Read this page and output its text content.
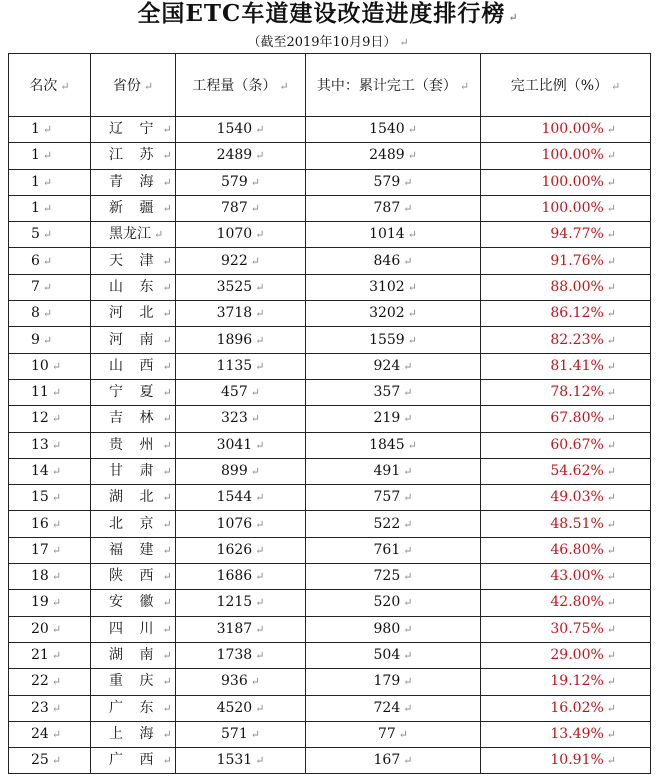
全国ETC车道建设改造进度排行榜 ↵
（截至2019年10月9日） ↵
名次 ↵	省份 ↵	工程量（条） ↵	其中：累计完工（套） ↵	完工比例（%） ↵
1 ↵	辽 宁 ↵	1540 ↵	1540 ↵	100.00% ↵
1 ↵	江 苏 ↵	2489 ↵	2489 ↵	100.00% ↵
1 ↵	青 海 ↵	579 ↵	579 ↵	100.00% ↵
1 ↵	新 疆 ↵	787 ↵	787 ↵	100.00% ↵
5 ↵	黑龙江 ↵	1070 ↵	1014 ↵	94.77% ↵
6 ↵	天 津 ↵	922 ↵	846 ↵	91.76% ↵
7 ↵	山 东 ↵	3525 ↵	3102 ↵	88.00% ↵
8 ↵	河 北 ↵	3718 ↵	3202 ↵	86.12% ↵
9 ↵	河 南 ↵	1896 ↵	1559 ↵	82.23% ↵
10 ↵	山 西 ↵	1135 ↵	924 ↵	81.41% ↵
11 ↵	宁 夏 ↵	457 ↵	357 ↵	78.12% ↵
12 ↵	吉 林 ↵	323 ↵	219 ↵	67.80% ↵
13 ↵	贵 州 ↵	3041 ↵	1845 ↵	60.67% ↵
14 ↵	甘 肃 ↵	899 ↵	491 ↵	54.62% ↵
15 ↵	湖 北 ↵	1544 ↵	757 ↵	49.03% ↵
16 ↵	北 京 ↵	1076 ↵	522 ↵	48.51% ↵
17 ↵	福 建 ↵	1626 ↵	761 ↵	46.80% ↵
18 ↵	陕 西 ↵	1686 ↵	725 ↵	43.00% ↵
19 ↵	安 徽 ↵	1215 ↵	520 ↵	42.80% ↵
20 ↵	四 川 ↵	3187 ↵	980 ↵	30.75% ↵
21 ↵	湖 南 ↵	1738 ↵	504 ↵	29.00% ↵
22 ↵	重 庆 ↵	936 ↵	179 ↵	19.12% ↵
23 ↵	广 东 ↵	4520 ↵	724 ↵	16.02% ↵
24 ↵	上 海 ↵	571 ↵	77 ↵	13.49% ↵
25 ↵	广 西 ↵	1531 ↵	167 ↵	10.91% ↵
